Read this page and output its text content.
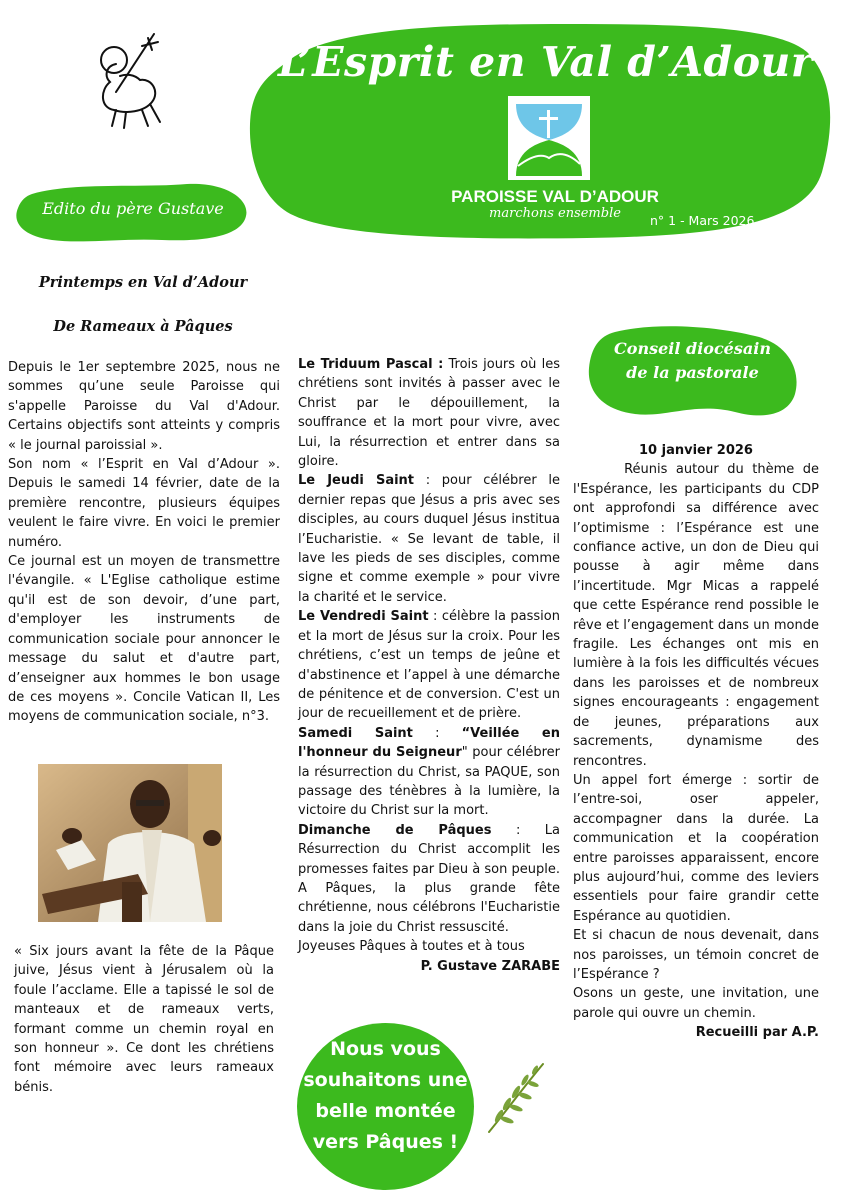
L’Esprit en Val d’Adour
PAROISSE VAL D’ADOUR
marchons ensemble	n° 1 - Mars 2026
Edito du père Gustave
Conseil diocésain
de la pastorale
Printemps en Val d’Adour
De Rameaux à Pâques

Depuis le 1er septembre 2025, nous ne sommes qu’une seule Paroisse qui s'appelle Paroisse du Val d'Adour. Certains objectifs sont atteints y compris « le journal paroissial ».

Son nom « l’Esprit en Val d’Adour ». Depuis le samedi 14 février, date de la première rencontre, plusieurs équipes veulent le faire vivre. En voici le premier numéro.

Ce journal est un moyen de transmettre l'évangile. « L'Eglise catholique estime qu'il est de son devoir, d’une part, d'employer les instruments de communication sociale pour annoncer le message du salut et d'autre part, d’enseigner aux hommes le bon usage de ces moyens ». Concile Vatican II, Les moyens de communication sociale, n°3.

« Six jours avant la fête de la Pâque juive, Jésus vient à Jérusalem où la foule l’acclame. Elle a tapissé le sol de manteaux et de rameaux verts, formant comme un chemin royal en son honneur ». Ce dont les chrétiens font mémoire avec leurs rameaux bénis.

Le Triduum Pascal : Trois jours où les chrétiens sont invités à passer avec le Christ par le dépouillement, la souffrance et la mort pour vivre, avec Lui, la résurrection et entrer dans sa gloire.

Le Jeudi Saint : pour célébrer le dernier repas que Jésus a pris avec ses disciples, au cours duquel Jésus institua l’Eucharistie. « Se levant de table, il lave les pieds de ses disciples, comme signe et comme exemple » pour vivre la charité et le service.

Le Vendredi Saint : célèbre la passion et la mort de Jésus sur la croix. Pour les chrétiens, c’est un temps de jeûne et d'abstinence et l’appel à une démarche de pénitence et de conversion. C'est un jour de recueillement et de prière.

Samedi Saint : “Veillée en l'honneur du Seigneur" pour célébrer la résurrection du Christ, sa PAQUE, son passage des ténèbres à la lumière, la victoire du Christ sur la mort.

Dimanche de Pâques : La Résurrection du Christ accomplit les promesses faites par Dieu à son peuple. A Pâques, la plus grande fête chrétienne, nous célébrons l'Eucharistie dans la joie du Christ ressuscité.

Joyeuses Pâques à toutes et à tous

P. Gustave ZARABE

10 janvier 2026

Réunis autour du thème de l'Espérance, les participants du CDP ont approfondi sa différence avec l’optimisme : l’Espérance est une confiance active, un don de Dieu qui pousse à agir même dans l’incertitude. Mgr Micas a rappelé que cette Espérance rend possible le rêve et l’engagement dans un monde fragile. Les échanges ont mis en lumière à la fois les difficultés vécues dans les paroisses et de nombreux signes encourageants : engagement de jeunes, préparations aux sacrements, dynamisme des rencontres.

Un appel fort émerge : sortir de l’entre-soi, oser appeler, accompagner dans la durée. La communication et la coopération entre paroisses apparaissent, encore plus aujourd’hui, comme des leviers essentiels pour faire grandir cette Espérance au quotidien.

Et si chacun de nous devenait, dans nos paroisses, un témoin concret de l’Espérance ?

Osons un geste, une invitation, une parole qui ouvre un chemin.

Recueilli par A.P.

Nous vous souhaitons une belle montée vers Pâques !
